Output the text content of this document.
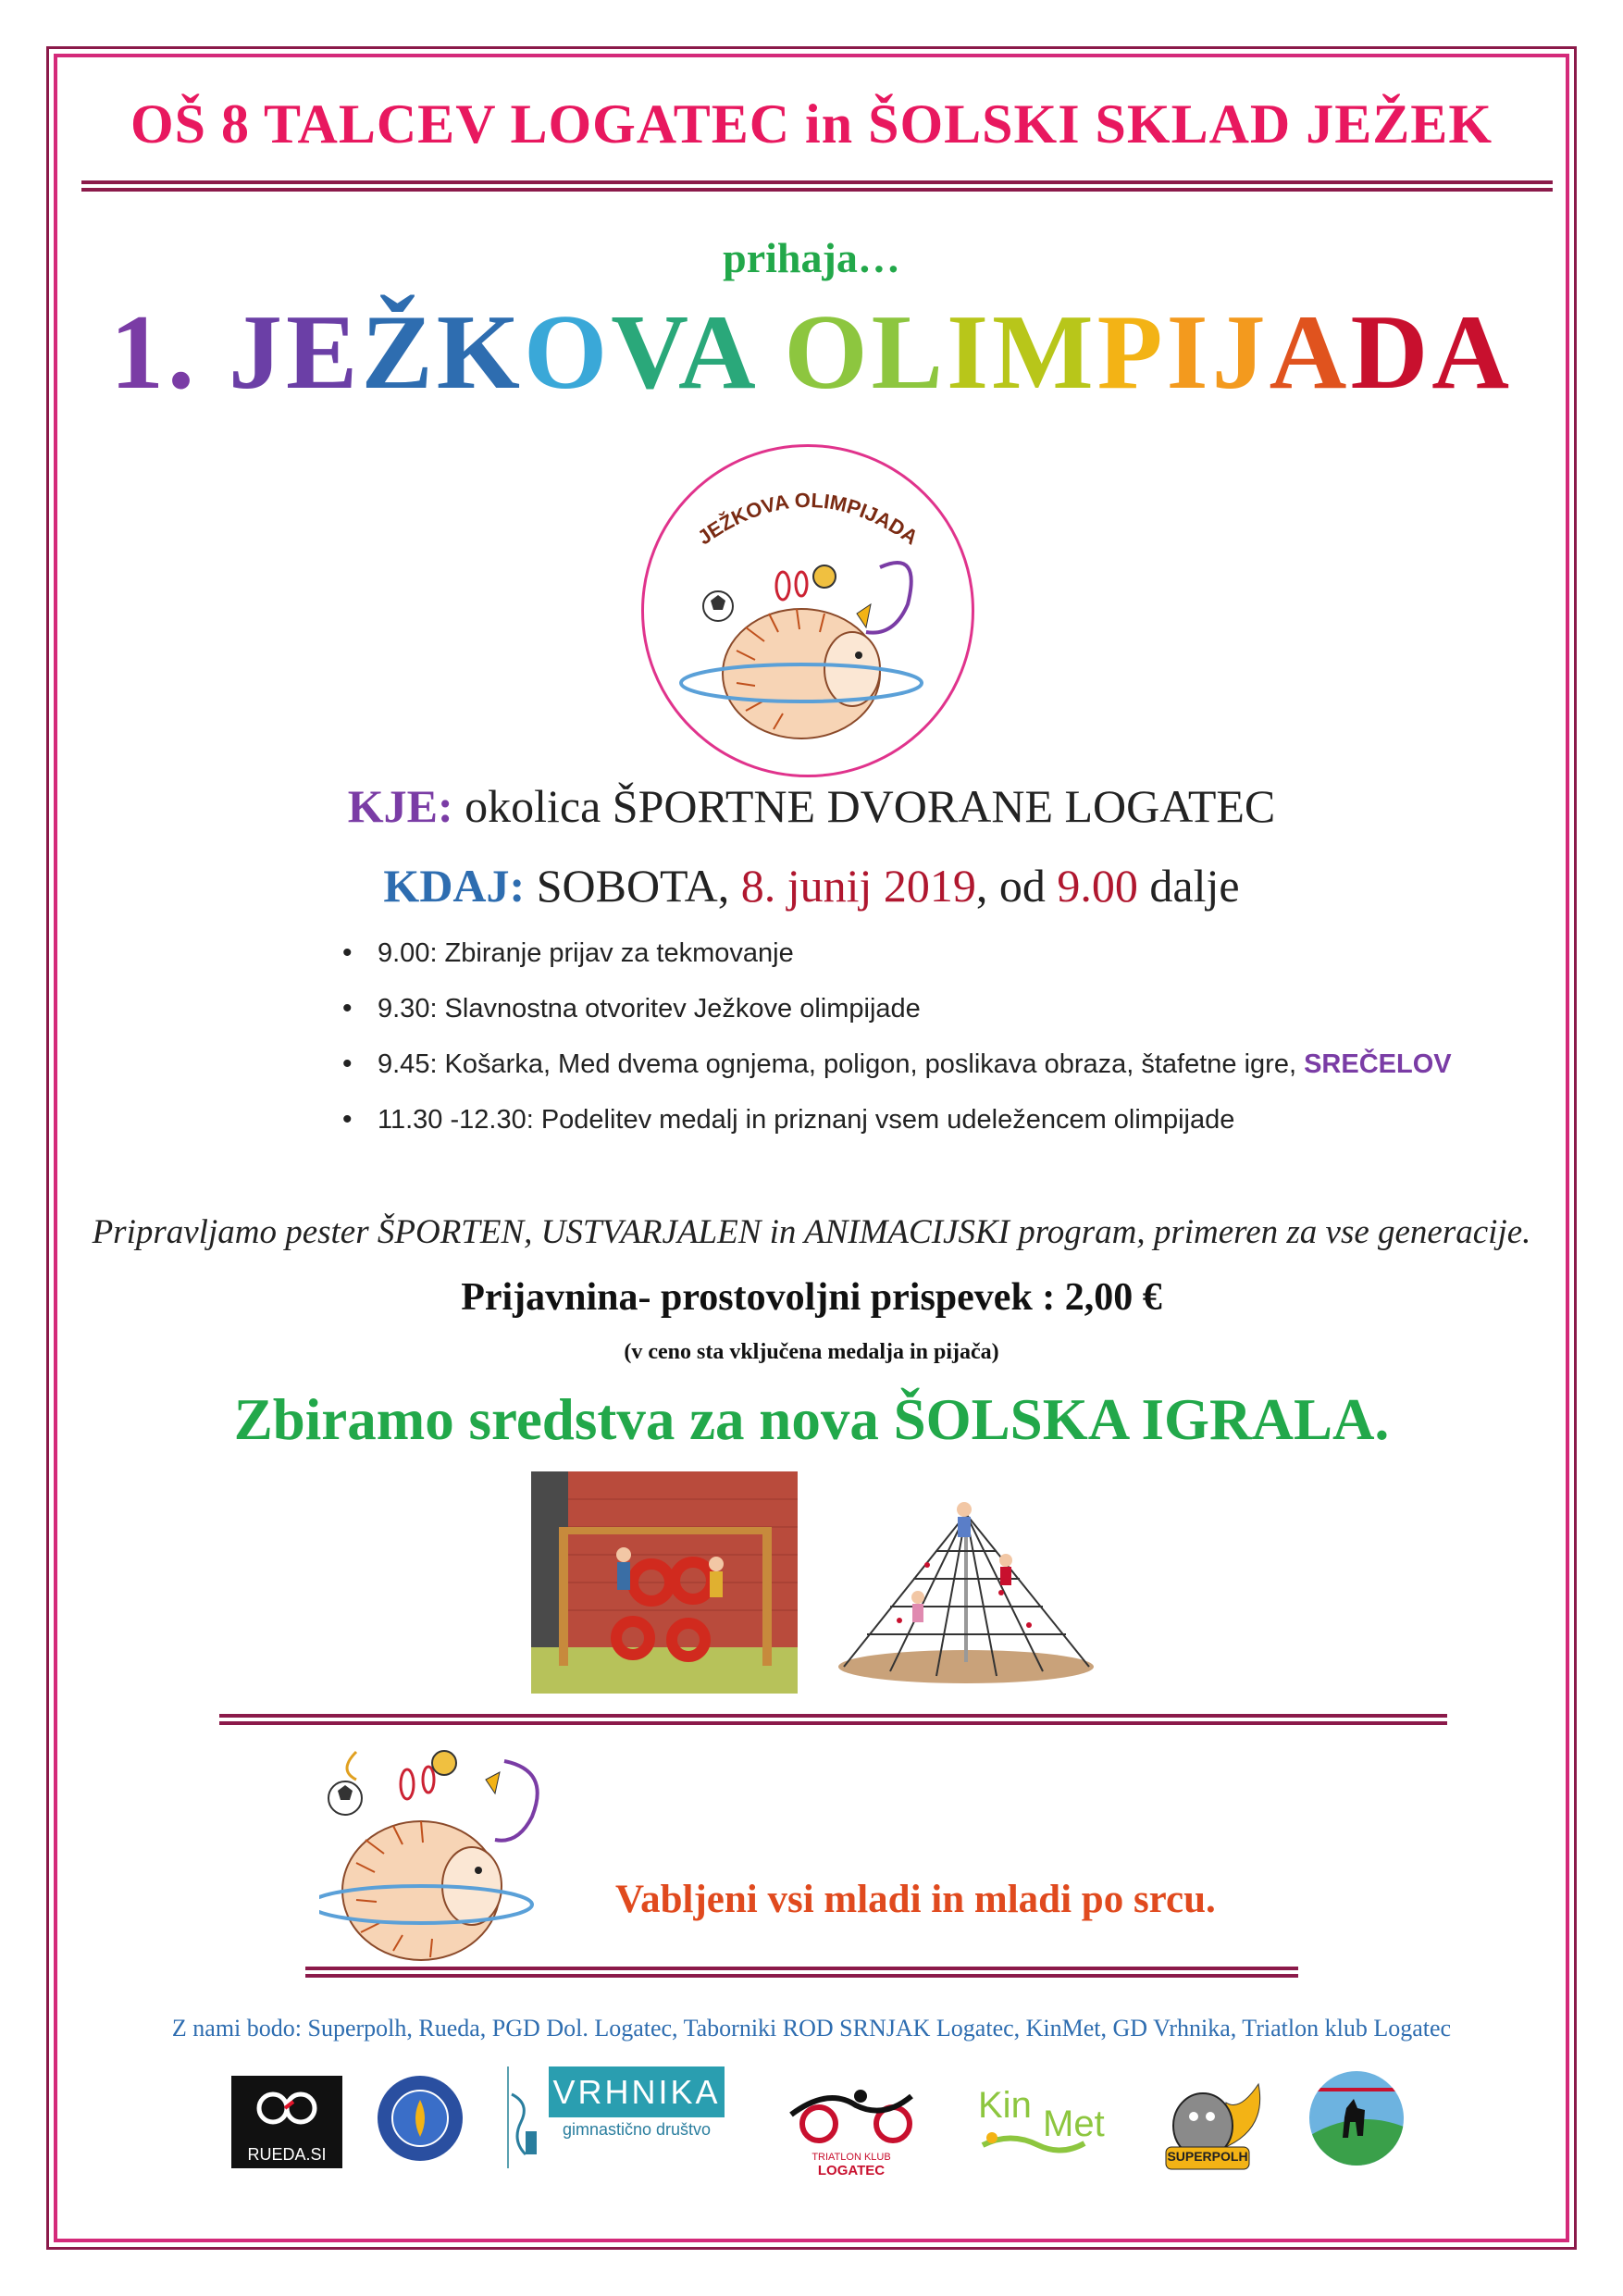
OŠ 8 TALCEV LOGATEC in ŠOLSKI SKLAD JEŽEK
prihaja…
1. JEŽKOVA OLIMPIJADA
JEŽKOVA OLIMPIJADA
KJE: okolica ŠPORTNE DVORANE LOGATEC
KDAJ: SOBOTA, 8. junij 2019, od 9.00 dalje
• 9.00: Zbiranje prijav za tekmovanje
• 9.30: Slavnostna otvoritev Ježkove olimpijade
• 9.45: Košarka, Med dvema ognjema, poligon, poslikava obraza, štafetne igre, SREČELOV
• 11.30 -12.30: Podelitev medalj in priznanj vsem udeležencem olimpijade
Pripravljamo pester ŠPORTEN, USTVARJALEN in ANIMACIJSKI program, primeren za vse generacije.
Prijavnina- prostovoljni prispevek : 2,00 €
(v ceno sta vključena medalja in pijača)
Zbiramo sredstva za nova ŠOLSKA IGRALA.
Vabljeni vsi mladi in mladi po srcu.
Z nami bodo: Superpolh, Rueda, PGD Dol. Logatec, Taborniki ROD SRNJAK Logatec, KinMet, GD Vrhnika, Triatlon klub Logatec
RUEDA.SI
VRHNIKA
gimnastično društvo
TRIATLON KLUB
LOGATEC
Kin Met
SUPERPOLH
